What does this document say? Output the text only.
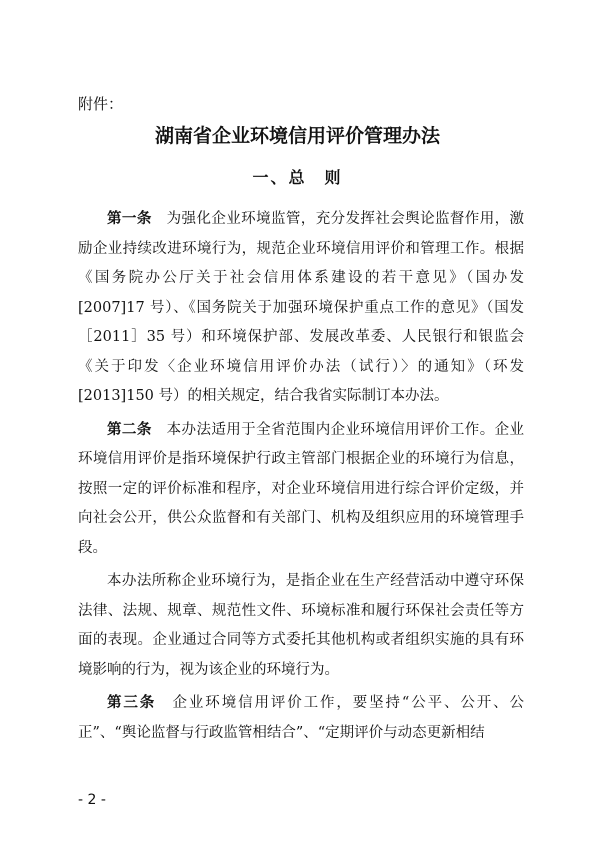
附件：
湖南省企业环境信用评价管理办法
一、总　则

第一条　为强化企业环境监管，充分发挥社会舆论监督作用，激励企业持续改进环境行为，规范企业环境信用评价和管理工作。根据《国务院办公厅关于社会信用体系建设的若干意见》（国办发[2007]17 号）、《国务院关于加强环境保护重点工作的意见》（国发［2011］35 号）和环境保护部、发展改革委、人民银行和银监会《关于印发〈企业环境信用评价办法（试行）〉的通知》（环发[2013]150 号）的相关规定，结合我省实际制订本办法。

第二条　本办法适用于全省范围内企业环境信用评价工作。企业环境信用评价是指环境保护行政主管部门根据企业的环境行为信息，按照一定的评价标准和程序，对企业环境信用进行综合评价定级，并向社会公开，供公众监督和有关部门、机构及组织应用的环境管理手段。

本办法所称企业环境行为，是指企业在生产经营活动中遵守环保法律、法规、规章、规范性文件、环境标准和履行环保社会责任等方面的表现。企业通过合同等方式委托其他机构或者组织实施的具有环境影响的行为，视为该企业的环境行为。

第三条　企业环境信用评价工作，要坚持“公平、公开、公正”、“舆论监督与行政监管相结合”、“定期评价与动态更新相结

- 2 -
